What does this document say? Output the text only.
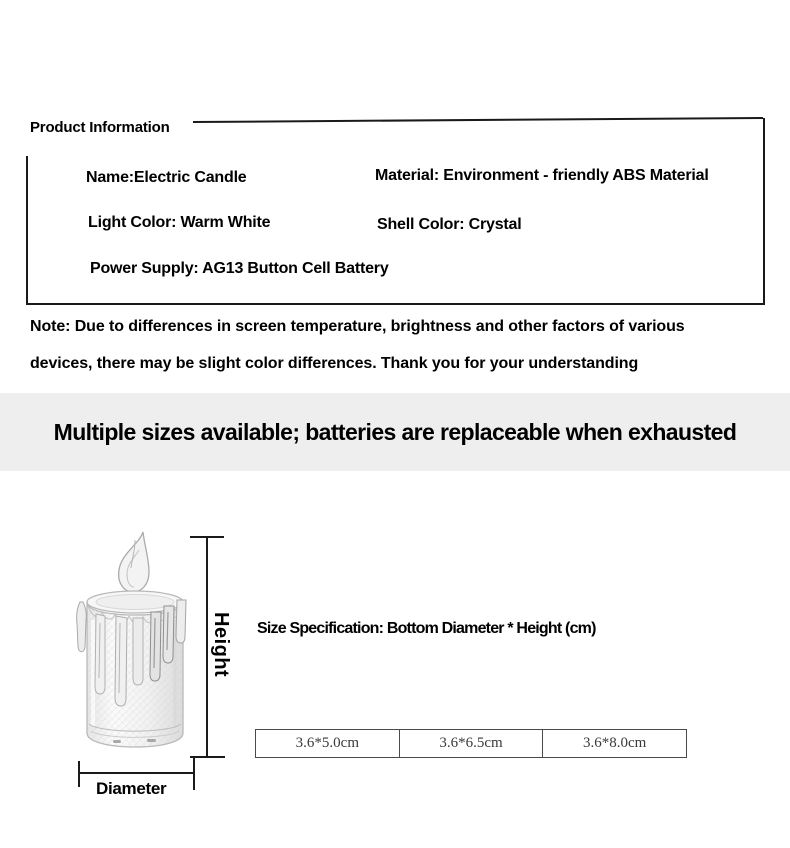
Product Information
Name:Electric Candle
Light Color: Warm White
Power Supply: AG13 Button Cell Battery
Material: Environment - friendly ABS Material
Shell Color: Crystal
Note: Due to differences in screen temperature, brightness and other factors of various
devices, there may be slight color differences. Thank you for your understanding
Multiple sizes available; batteries are replaceable when exhausted
Height
Diameter
Size Specification: Bottom Diameter * Height (cm)
3.6*5.0cm	3.6*6.5cm	3.6*8.0cm
